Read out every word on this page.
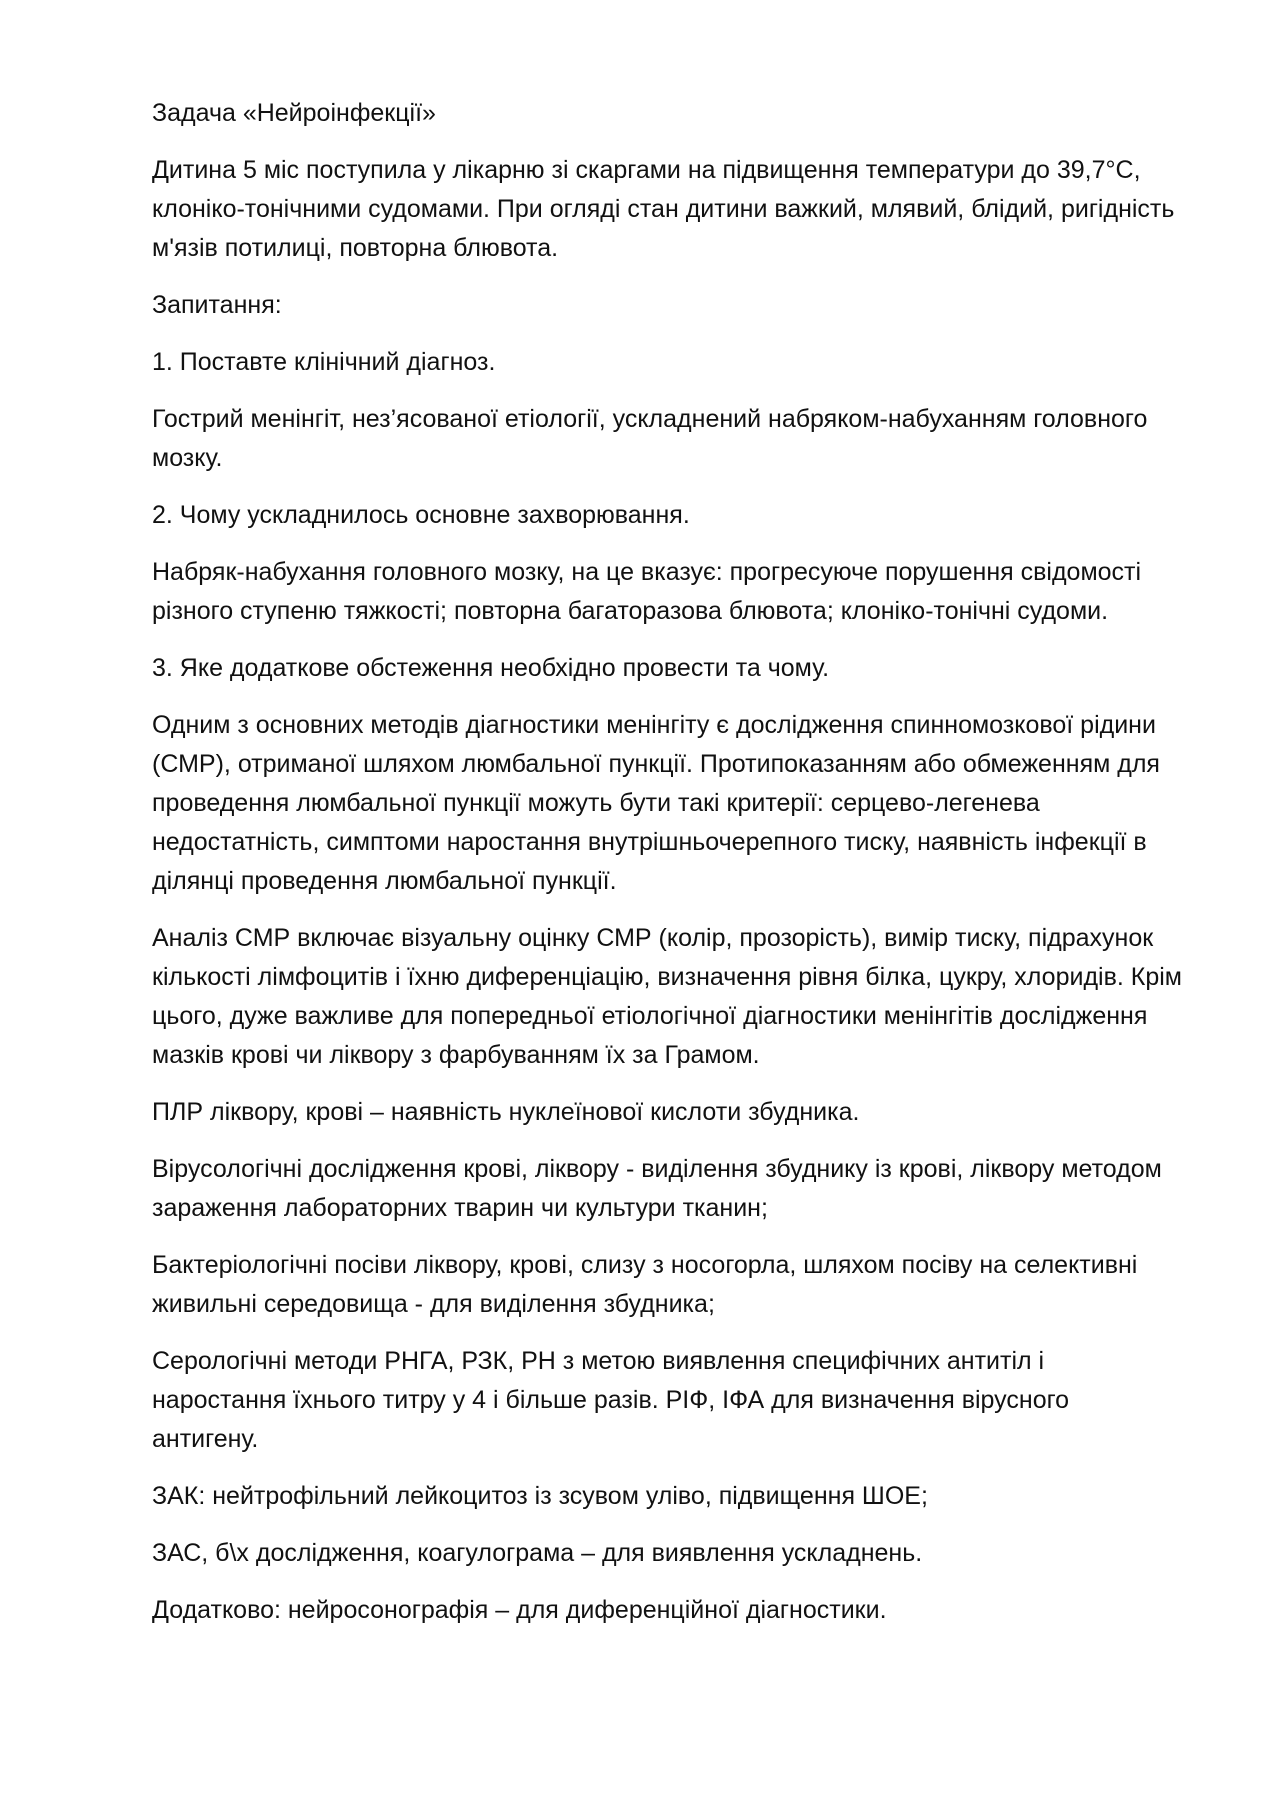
Задача «Нейроінфекції»

Дитина 5 міс поступила у лікарню зі скаргами на підвищення температури до 39,7°С, клоніко-тонічними судомами. При огляді стан дитини важкий, млявий, блідий, ригідність м'язів потилиці, повторна блювота.

Запитання:

1. Поставте клінічний діагноз.

Гострий менінгіт, нез’ясованої етіології, ускладнений набряком-набуханням головного мозку.

2. Чому ускладнилось основне захворювання.

Набряк-набухання головного мозку, на це вказує: прогресуюче порушення свідомості різного ступеню тяжкості; повторна багаторазова блювота; клоніко-тонічні судоми.

3. Яке додаткове обстеження необхідно провести та чому.

Одним з основних методів діагностики менінгіту є дослідження спинномозкової рідини (СМР), отриманої шляхом люмбальної пункції. Протипоказанням або обмеженням для проведення люмбальної пункції можуть бути такі критерії: серцево-легенева недостатність, симптоми наростання внутрішньочерепного тиску, наявність інфекції в ділянці проведення люмбальної пункції.

Аналіз СМР включає візуальну оцінку СМР (колір, прозорість), вимір тиску, підрахунок кількості лімфоцитів і їхню диференціацію, визначення рівня білка, цукру, хлоридів. Крім цього, дуже важливе для попередньої етіологічної діагностики менінгітів дослідження мазків крові чи ліквору з фарбуванням їх за Грамом.

ПЛР ліквору, крові – наявність нуклеїнової кислоти збудника.

Вірусологічні дослідження крові, ліквору - виділення збуднику із крові, ліквору методом зараження лабораторних тварин чи культури тканин;

Бактеріологічні посіви ліквору, крові, слизу з носогорла, шляхом посіву на селективні живильні середовища - для виділення збудника;

Серологічні методи РНГА, РЗК, РН з метою виявлення специфічних антитіл і наростання їхнього титру у 4 і більше разів. РІФ, ІФА для визначення вірусного антигену.

ЗАК: нейтрофільний лейкоцитоз із зсувом уліво, підвищення ШОЕ;

ЗАС, б\х дослідження, коагулограма – для виявлення ускладнень.

Додатково: нейросонографія – для диференційної діагностики.
